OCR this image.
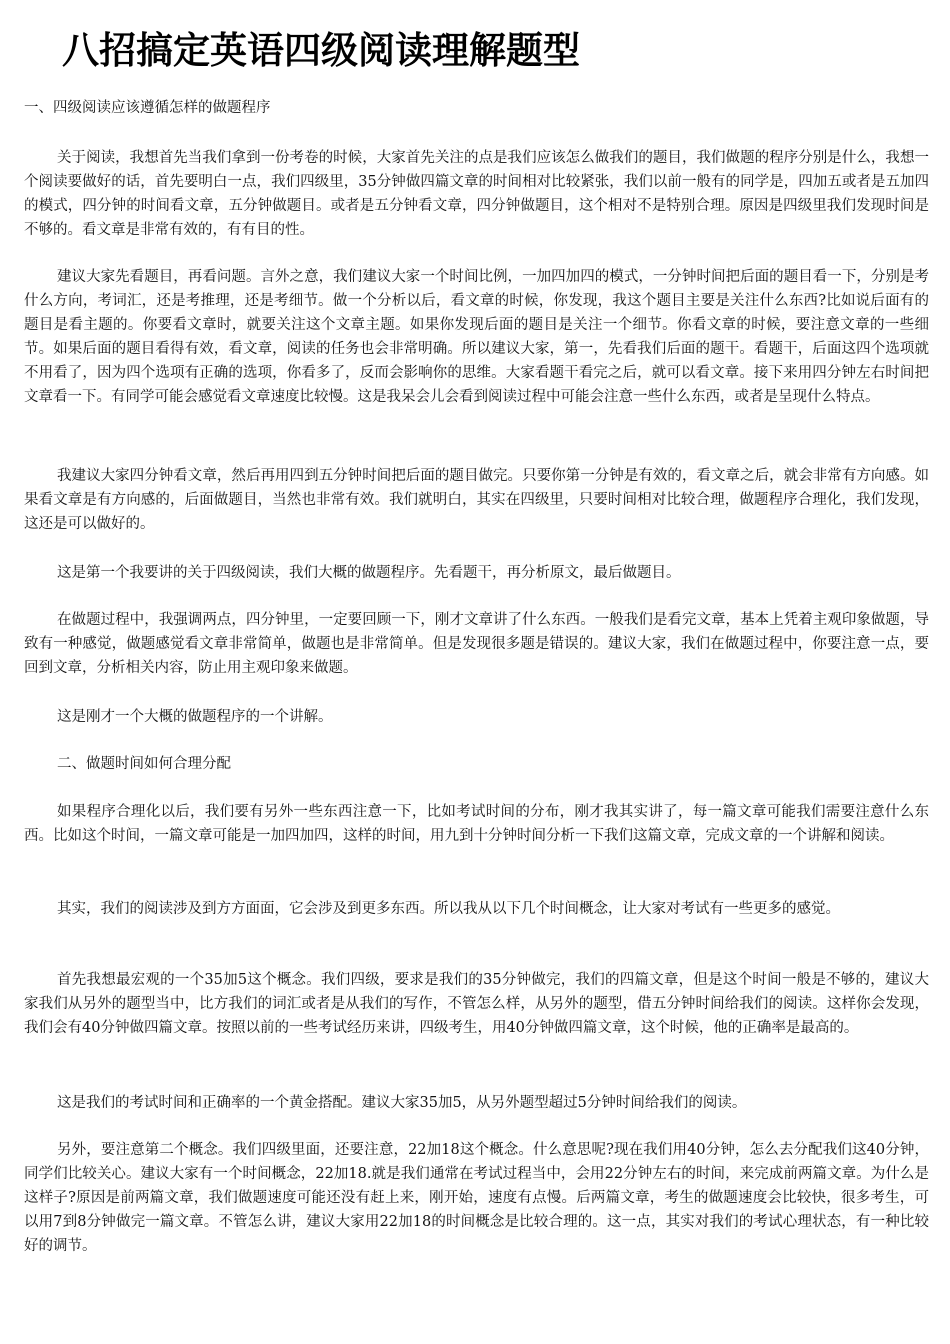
八招搞定英语四级阅读理解题型

一、四级阅读应该遵循怎样的做题程序

关于阅读，我想首先当我们拿到一份考卷的时候，大家首先关注的点是我们应该怎么做我们的题目，我们做题的程序分别是什么，我想一个阅读要做好的话，首先要明白一点，我们四级里，35分钟做四篇文章的时间相对比较紧张，我们以前一般有的同学是，四加五或者是五加四的模式，四分钟的时间看文章，五分钟做题目。或者是五分钟看文章，四分钟做题目，这个相对不是特别合理。原因是四级里我们发现时间是不够的。看文章是非常有效的，有有目的性。

建议大家先看题目，再看问题。言外之意，我们建议大家一个时间比例，一加四加四的模式，一分钟时间把后面的题目看一下，分别是考什么方向，考词汇，还是考推理，还是考细节。做一个分析以后，看文章的时候，你发现，我这个题目主要是关注什么东西?比如说后面有的题目是看主题的。你要看文章时，就要关注这个文章主题。如果你发现后面的题目是关注一个细节。你看文章的时候，要注意文章的一些细节。如果后面的题目看得有效，看文章，阅读的任务也会非常明确。所以建议大家，第一，先看我们后面的题干。看题干，后面这四个选项就不用看了，因为四个选项有正确的选项，你看多了，反而会影响你的思维。大家看题干看完之后，就可以看文章。接下来用四分钟左右时间把文章看一下。有同学可能会感觉看文章速度比较慢。这是我呆会儿会看到阅读过程中可能会注意一些什么东西，或者是呈现什么特点。

我建议大家四分钟看文章，然后再用四到五分钟时间把后面的题目做完。只要你第一分钟是有效的，看文章之后，就会非常有方向感。如果看文章是有方向感的，后面做题目，当然也非常有效。我们就明白，其实在四级里，只要时间相对比较合理，做题程序合理化，我们发现，这还是可以做好的。

这是第一个我要讲的关于四级阅读，我们大概的做题程序。先看题干，再分析原文，最后做题目。

在做题过程中，我强调两点，四分钟里，一定要回顾一下，刚才文章讲了什么东西。一般我们是看完文章，基本上凭着主观印象做题，导致有一种感觉，做题感觉看文章非常简单，做题也是非常简单。但是发现很多题是错误的。建议大家，我们在做题过程中，你要注意一点，要回到文章，分析相关内容，防止用主观印象来做题。

这是刚才一个大概的做题程序的一个讲解。

二、做题时间如何合理分配

如果程序合理化以后，我们要有另外一些东西注意一下，比如考试时间的分布，刚才我其实讲了，每一篇文章可能我们需要注意什么东西。比如这个时间，一篇文章可能是一加四加四，这样的时间，用九到十分钟时间分析一下我们这篇文章，完成文章的一个讲解和阅读。

其实，我们的阅读涉及到方方面面，它会涉及到更多东西。所以我从以下几个时间概念，让大家对考试有一些更多的感觉。

首先我想最宏观的一个35加5这个概念。我们四级，要求是我们的35分钟做完，我们的四篇文章，但是这个时间一般是不够的，建议大家我们从另外的题型当中，比方我们的词汇或者是从我们的写作，不管怎么样，从另外的题型，借五分钟时间给我们的阅读。这样你会发现，我们会有40分钟做四篇文章。按照以前的一些考试经历来讲，四级考生，用40分钟做四篇文章，这个时候，他的正确率是最高的。

这是我们的考试时间和正确率的一个黄金搭配。建议大家35加5，从另外题型超过5分钟时间给我们的阅读。

另外，要注意第二个概念。我们四级里面，还要注意，22加18这个概念。什么意思呢?现在我们用40分钟，怎么去分配我们这40分钟，同学们比较关心。建议大家有一个时间概念，22加18.就是我们通常在考试过程当中，会用22分钟左右的时间，来完成前两篇文章。为什么是这样子?原因是前两篇文章，我们做题速度可能还没有赶上来，刚开始，速度有点慢。后两篇文章，考生的做题速度会比较快，很多考生，可以用7到8分钟做完一篇文章。不管怎么讲，建议大家用22加18的时间概念是比较合理的。这一点，其实对我们的考试心理状态，有一种比较好的调节。
